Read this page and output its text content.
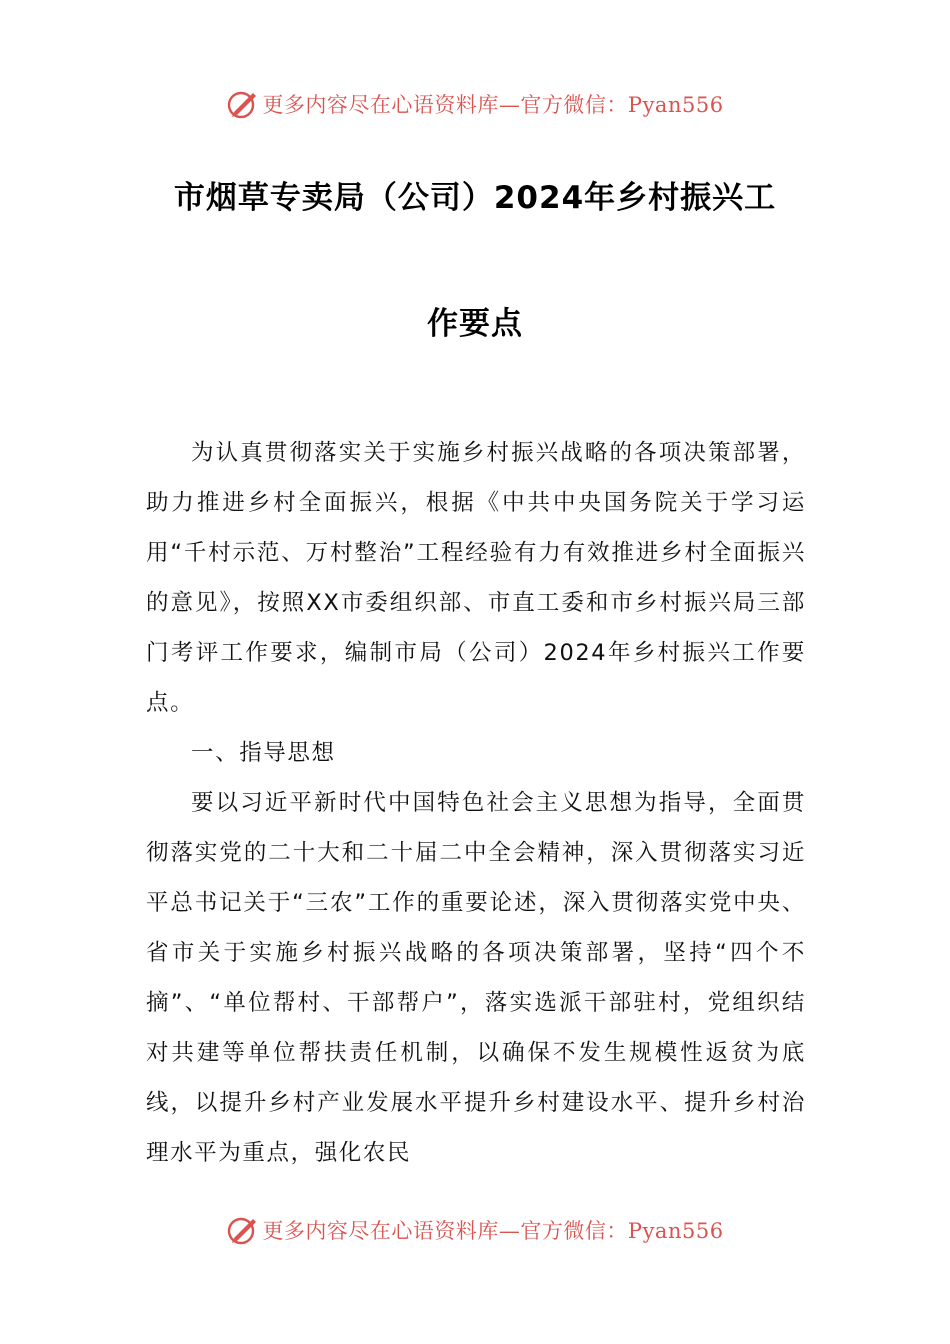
更多内容尽在心语资料库—官方微信：Pyan556
市烟草专卖局（公司）2024年乡村振兴工
作要点

为认真贯彻落实关于实施乡村振兴战略的各项决策部署，助力推进乡村全面振兴，根据《中共中央国务院关于学习运用“千村示范、万村整治”工程经验有力有效推进乡村全面振兴的意见》，按照XX市委组织部、市直工委和市乡村振兴局三部门考评工作要求，编制市局（公司）2024年乡村振兴工作要点。

一、指导思想

要以习近平新时代中国特色社会主义思想为指导，全面贯彻落实党的二十大和二十届二中全会精神，深入贯彻落实习近平总书记关于“三农”工作的重要论述，深入贯彻落实党中央、省市关于实施乡村振兴战略的各项决策部署，坚持“四个不摘”、“单位帮村、干部帮户”，落实选派干部驻村，党组织结对共建等单位帮扶责任机制，以确保不发生规模性返贫为底线，以提升乡村产业发展水平提升乡村建设水平、提升乡村治理水平为重点，强化农民

更多内容尽在心语资料库—官方微信：Pyan556
